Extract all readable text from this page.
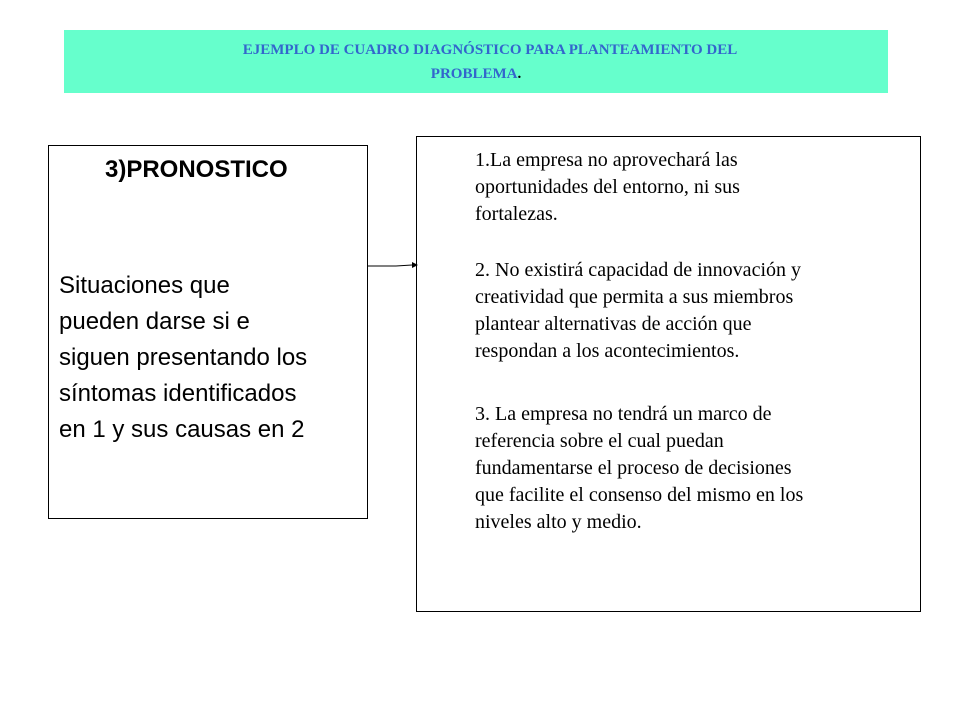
EJEMPLO DE CUADRO DIAGNÓSTICO PARA PLANTEAMIENTO DEL
PROBLEMA.
3)PRONOSTICO
Situaciones que
pueden darse si e
siguen presentando los
síntomas identificados
en 1 y sus causas en 2
1.La empresa no aprovechará las
oportunidades del entorno, ni sus
fortalezas.
2. No existirá capacidad de innovación y
creatividad que permita a sus miembros
plantear alternativas de acción que
respondan a los acontecimientos.
3. La empresa no tendrá un marco de
referencia sobre el cual puedan
fundamentarse el proceso de decisiones
que facilite el consenso del mismo en los
niveles alto y medio.
